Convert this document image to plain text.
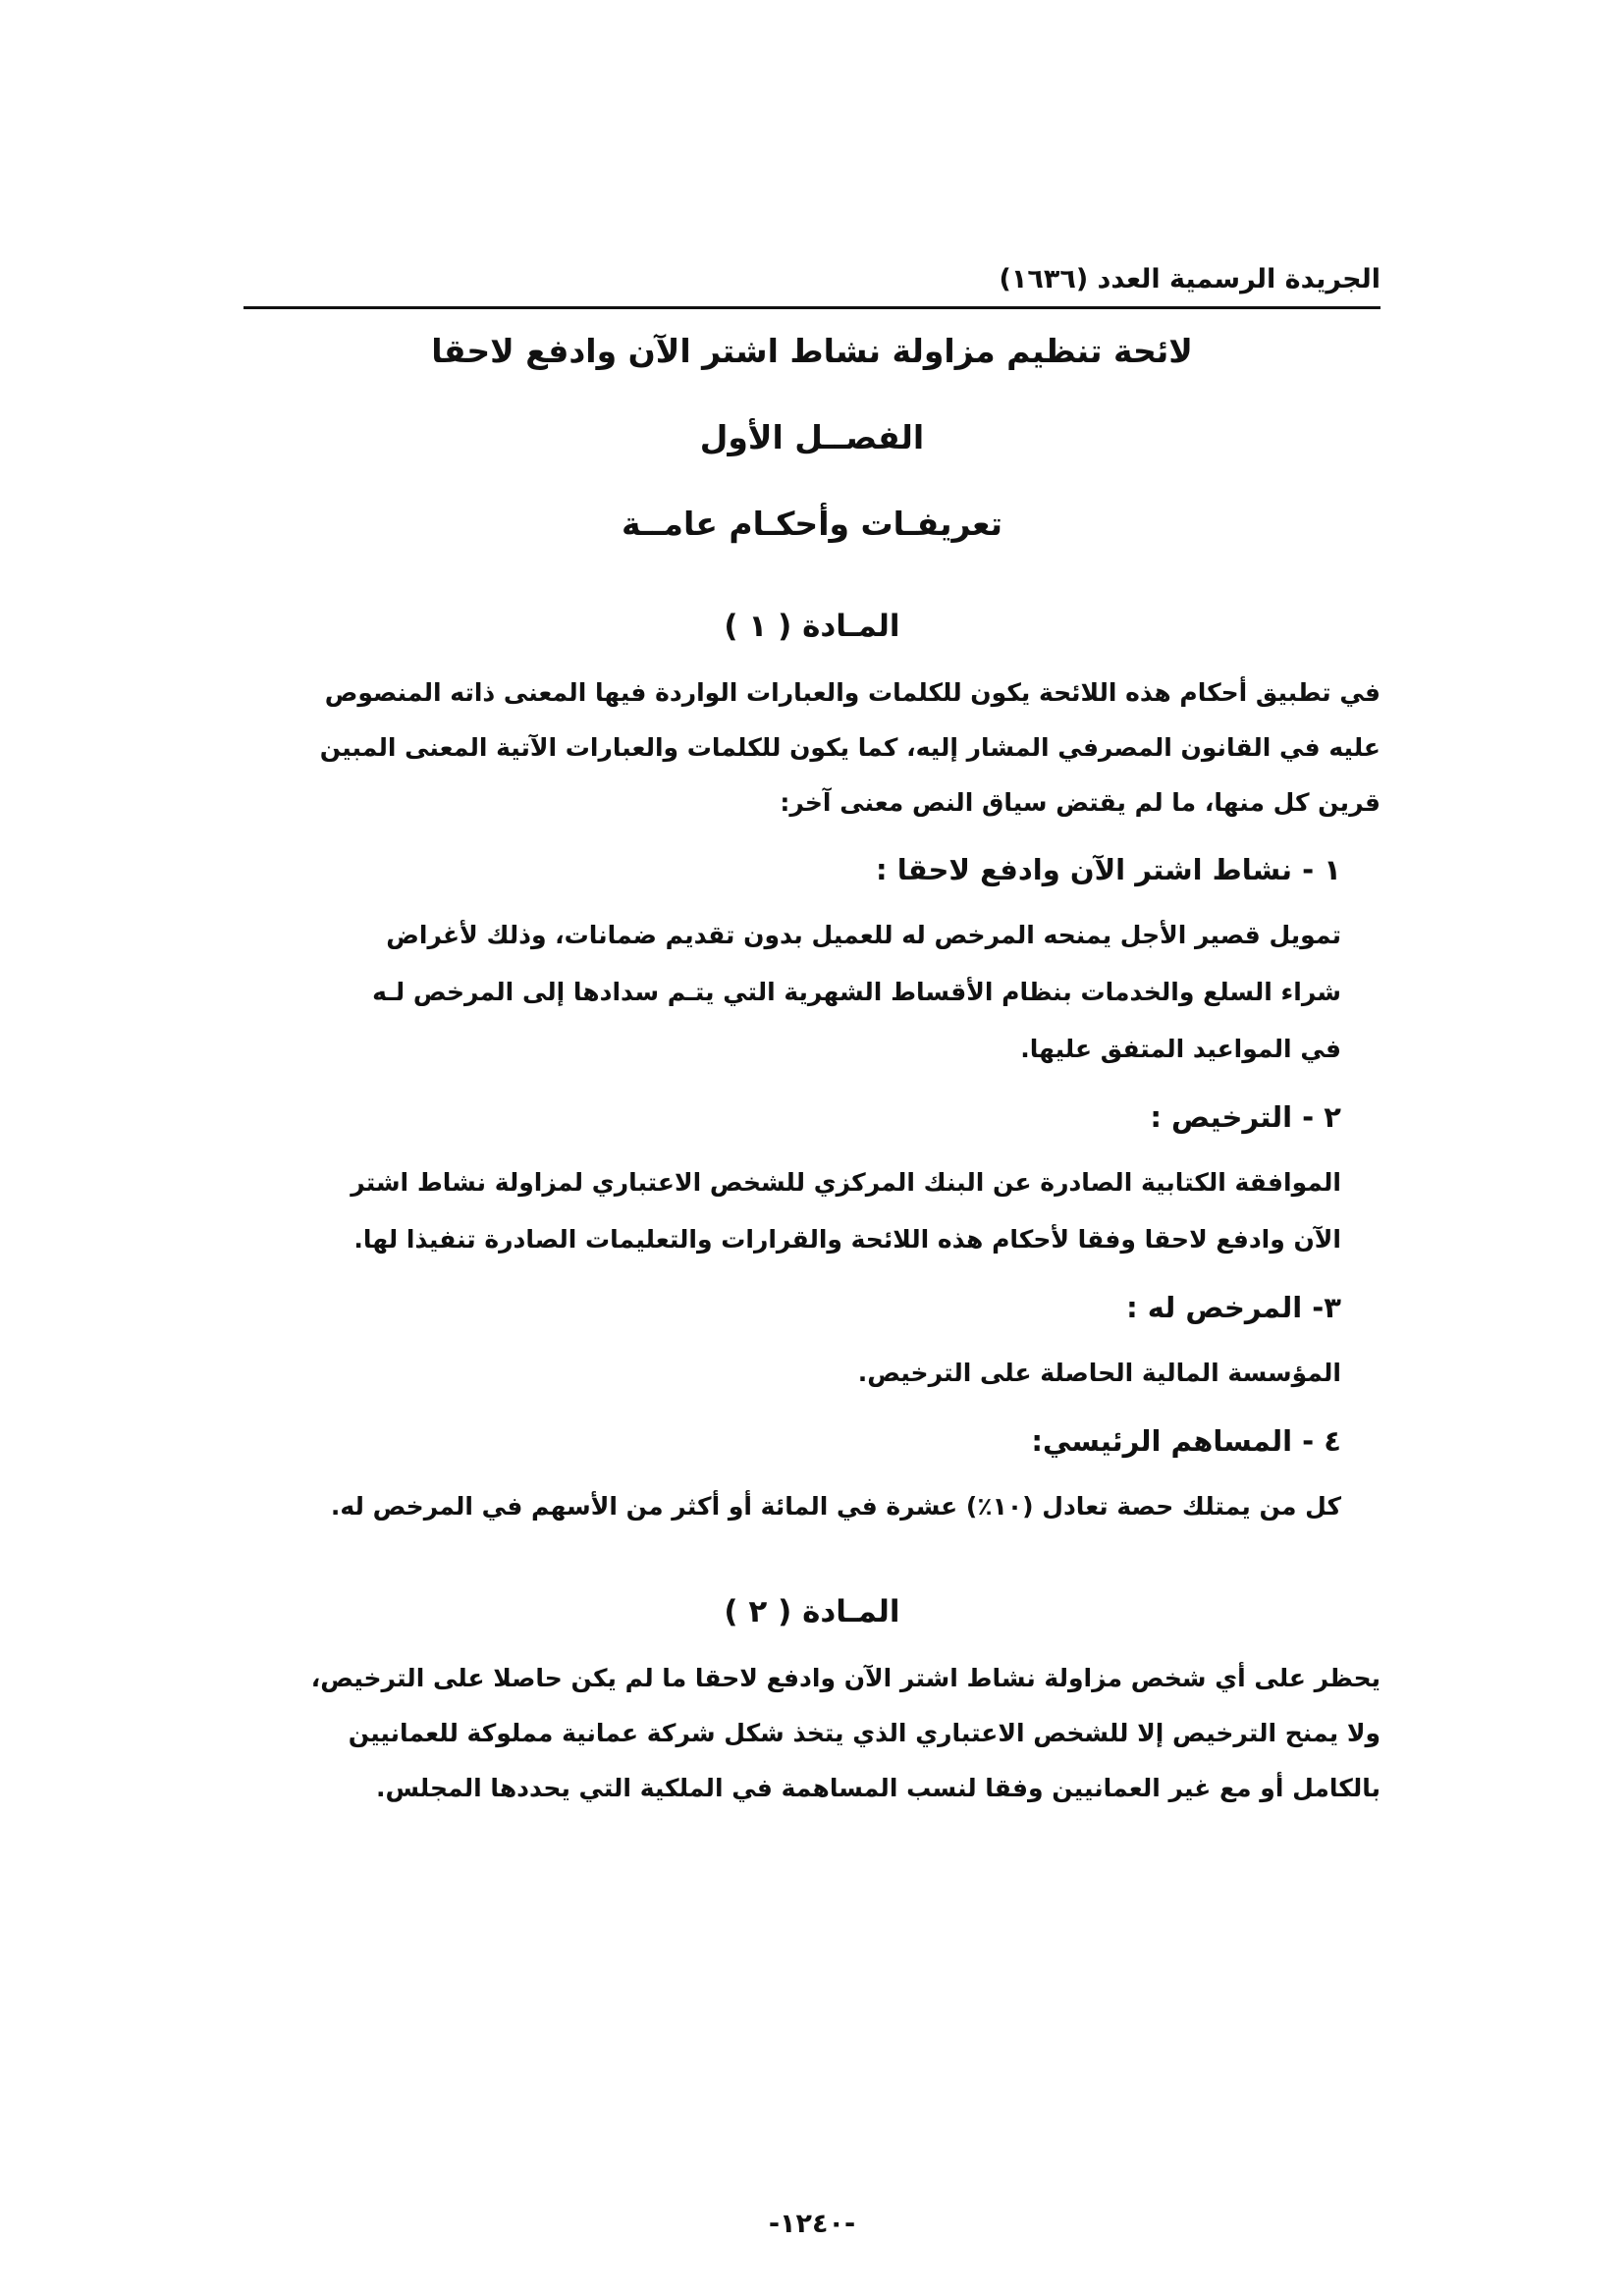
الجريدة الرسمية العدد (١٦٣٦)
لائحة تنظيم مزاولة نشاط اشتر الآن وادفع لاحقا
الفصــل الأول
تعريفـات وأحكـام عامــة
المـادة ( ١ )
في تطبيق أحكام هذه اللائحة يكون للكلمات والعبارات الواردة فيها المعنى ذاته المنصوص
عليه في القانون المصرفي المشار إليه، كما يكون للكلمات والعبارات الآتية المعنى المبين
قرين كل منها، ما لم يقتض سياق النص معنى آخر:
١ - نشاط اشتر الآن وادفع لاحقا :
تمويل قصير الأجل يمنحه المرخص له للعميل بدون تقديم ضمانات، وذلك لأغراض
شراء السلع والخدمات بنظام الأقساط الشهرية التي يتـم سدادها إلى المرخص لـه
في المواعيد المتفق عليها.
٢ - الترخيص :
الموافقة الكتابية الصادرة عن البنك المركزي للشخص الاعتباري لمزاولة نشاط اشتر
الآن وادفع لاحقا وفقا لأحكام هذه اللائحة والقرارات والتعليمات الصادرة تنفيذا لها.
٣- المرخص له :
المؤسسة المالية الحاصلة على الترخيص.
٤ - المساهم الرئيسي:
كل من يمتلك حصة تعادل (١٠٪) عشرة في المائة أو أكثر من الأسهم في المرخص له.
المـادة ( ٢ )
يحظر على أي شخص مزاولة نشاط اشتر الآن وادفع لاحقا ما لم يكن حاصلا على الترخيص،
ولا يمنح الترخيص إلا للشخص الاعتباري الذي يتخذ شكل شركة عمانية مملوكة للعمانيين
بالكامل أو مع غير العمانيين وفقا لنسب المساهمة في الملكية التي يحددها المجلس.
-١٢٤٠-
